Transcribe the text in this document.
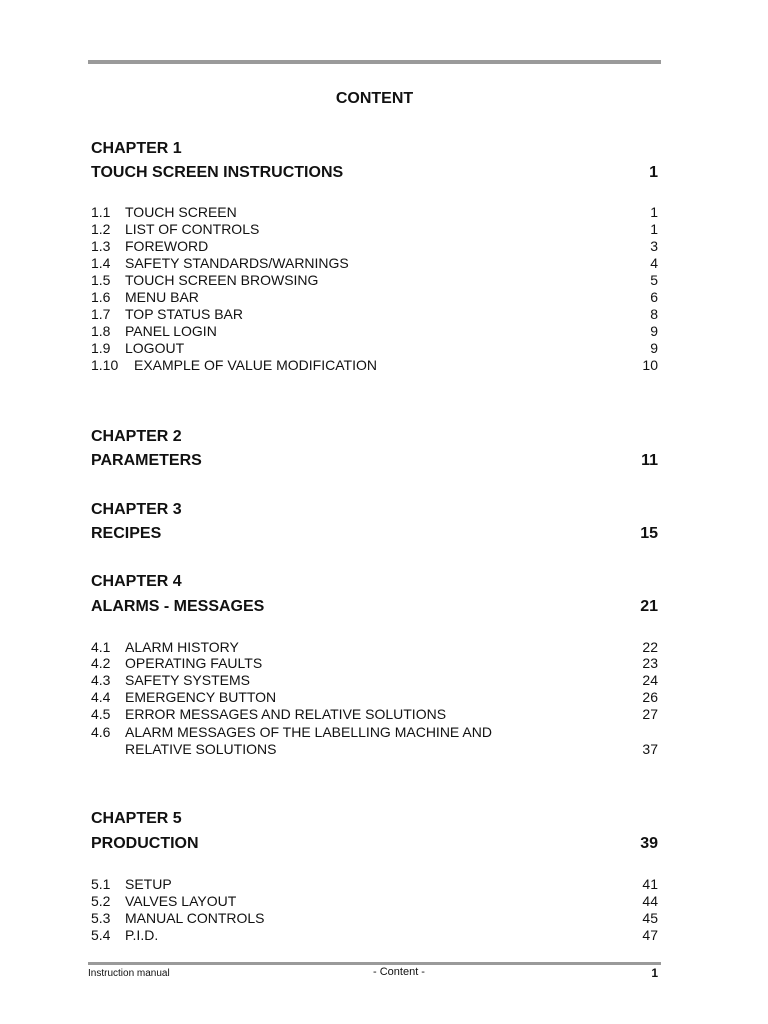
CONTENT
CHAPTER 1
TOUCH SCREEN INSTRUCTIONS	1
1.1 TOUCH SCREEN	1
1.2 LIST OF CONTROLS	1
1.3 FOREWORD	3
1.4 SAFETY STANDARDS/WARNINGS	4
1.5 TOUCH SCREEN BROWSING	5
1.6 MENU BAR	6
1.7 TOP STATUS BAR	8
1.8 PANEL LOGIN	9
1.9 LOGOUT	9
1.10 EXAMPLE OF VALUE MODIFICATION	10
CHAPTER 2
PARAMETERS	11
CHAPTER 3
RECIPES	15
CHAPTER 4
ALARMS - MESSAGES	21
4.1 ALARM HISTORY	22
4.2 OPERATING FAULTS	23
4.3 SAFETY SYSTEMS	24
4.4 EMERGENCY BUTTON	26
4.5 ERROR MESSAGES AND RELATIVE SOLUTIONS	27
4.6 ALARM MESSAGES OF THE LABELLING MACHINE AND
RELATIVE SOLUTIONS	37
CHAPTER 5
PRODUCTION	39
5.1 SETUP	41
5.2 VALVES LAYOUT	44
5.3 MANUAL CONTROLS	45
5.4 P.I.D.	47
Instruction manual	- Content -	1
